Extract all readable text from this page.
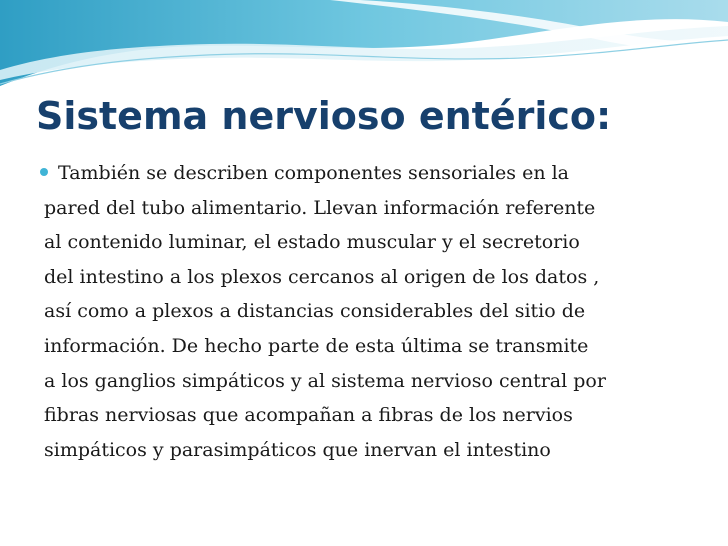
Sistema nervioso entérico:
También se describen componentes sensoriales en la
pared del tubo alimentario. Llevan información referente
al contenido luminar, el estado muscular y el secretorio
del intestino a los plexos cercanos al origen de los datos ,
así como a plexos a distancias considerables del sitio de
información. De hecho parte de esta última se transmite
a los ganglios simpáticos y al sistema nervioso central por
fibras nerviosas que acompañan a fibras de los nervios
simpáticos y parasimpáticos que inervan el intestino
